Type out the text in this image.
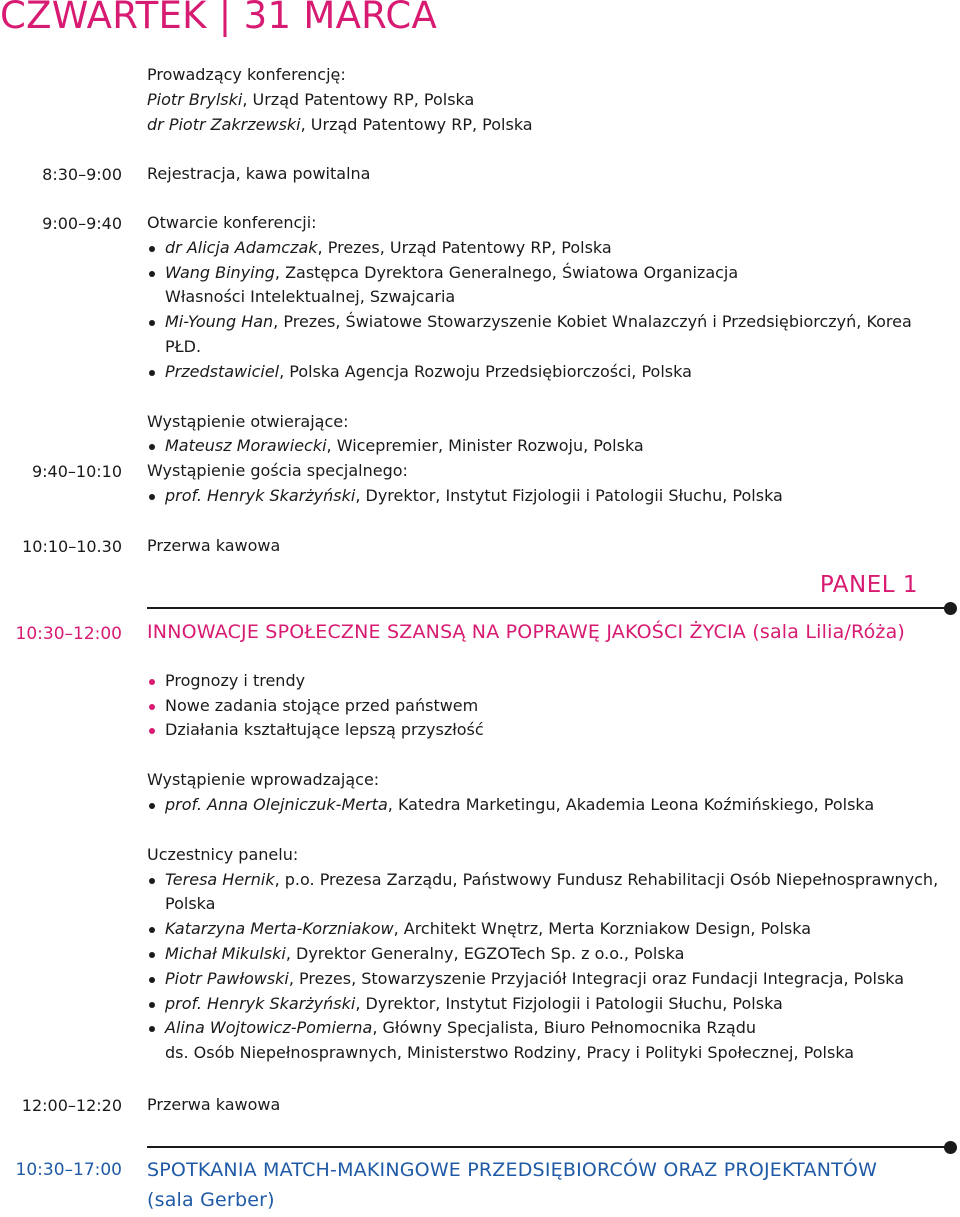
CZWARTEK | 31 MARCA
Prowadzący konferencję:
Piotr Brylski, Urząd Patentowy RP, Polska
dr Piotr Zakrzewski, Urząd Patentowy RP, Polska
8:30–9:00 Rejestracja, kawa powitalna
9:00–9:40 Otwarcie konferencji:
dr Alicja Adamczak, Prezes, Urząd Patentowy RP, Polska
Wang Binying, Zastępca Dyrektora Generalnego, Światowa Organizacja Własności Intelektualnej, Szwajcaria
Mi-Young Han, Prezes, Światowe Stowarzyszenie Kobiet Wnalazczyń i Przedsiębiorczyń, Korea PŁD.
Przedstawiciel, Polska Agencja Rozwoju Przedsiębiorczości, Polska
Wystąpienie otwierające:
Mateusz Morawiecki, Wicepremier, Minister Rozwoju, Polska
9:40–10:10 Wystąpienie gościa specjalnego:
prof. Henryk Skarżyński, Dyrektor, Instytut Fizjologii i Patologii Słuchu, Polska
10:10–10.30 Przerwa kawowa
PANEL 1
10:30–12:00 INNOWACJE SPOŁECZNE SZANSĄ NA POPRAWĘ JAKOŚCI ŻYCIA (sala Lilia/Róża)
Prognozy i trendy
Nowe zadania stojące przed państwem
Działania kształtujące lepszą przyszłość
Wystąpienie wprowadzające:
prof. Anna Olejniczuk-Merta, Katedra Marketingu, Akademia Leona Koźmińskiego, Polska
Uczestnicy panelu:
Teresa Hernik, p.o. Prezesa Zarządu, Państwowy Fundusz Rehabilitacji Osób Niepełnosprawnych, Polska
Katarzyna Merta-Korzniakow, Architekt Wnętrz, Merta Korzniakow Design, Polska
Michał Mikulski, Dyrektor Generalny, EGZOTech Sp. z o.o., Polska
Piotr Pawłowski, Prezes, Stowarzyszenie Przyjaciół Integracji oraz Fundacji Integracja, Polska
prof. Henryk Skarżyński, Dyrektor, Instytut Fizjologii i Patologii Słuchu, Polska
Alina Wojtowicz-Pomierna, Główny Specjalista, Biuro Pełnomocnika Rządu
ds. Osób Niepełnosprawnych, Ministerstwo Rodziny, Pracy i Polityki Społecznej, Polska
12:00–12:20 Przerwa kawowa
10:30–17:00 SPOTKANIA MATCH-MAKINGOWE PRZEDSIĘBIORCÓW ORAZ PROJEKTANTÓW
(sala Gerber)
